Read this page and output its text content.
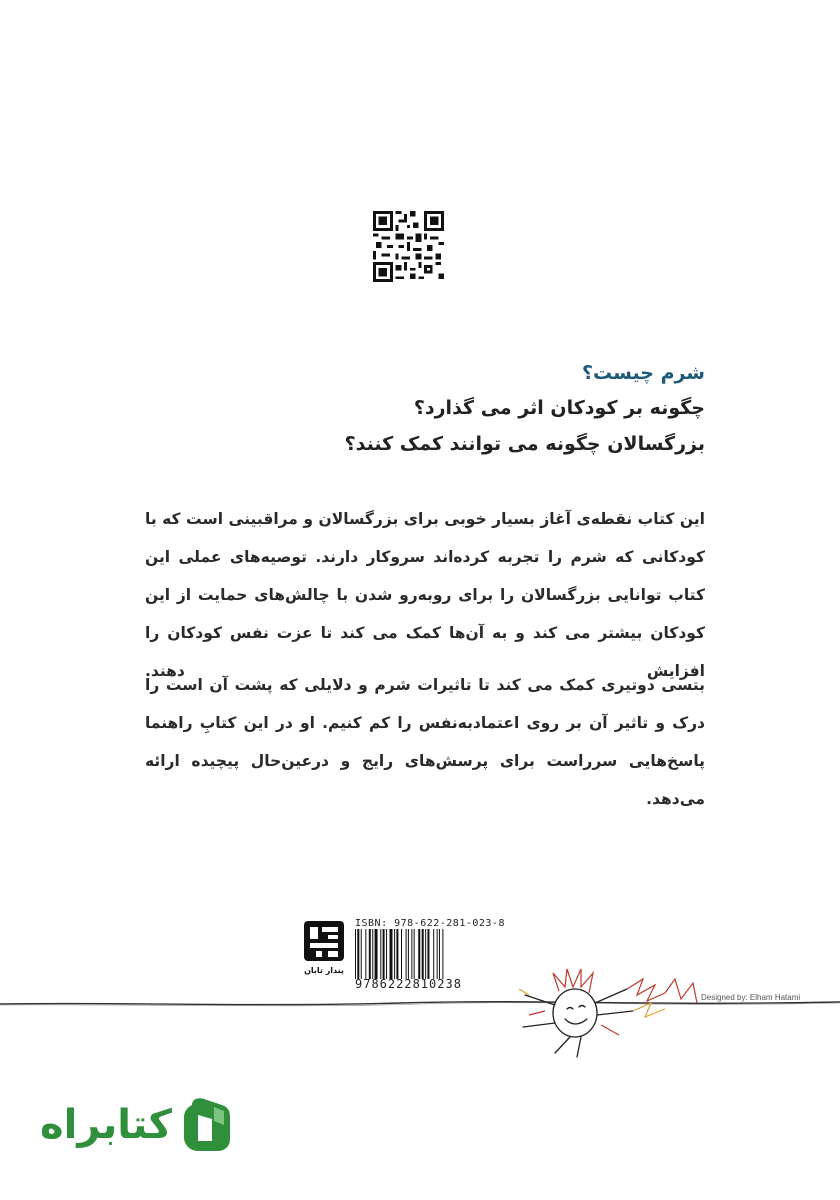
شرم چیست؟
چگونه بر کودکان اثر می گذارد؟
بزرگسالان چگونه می توانند کمک کنند؟
این کتاب نقطه‌ی آغاز بسیار خوبی برای بزرگسالان و مراقبینی است که با کودکانی که شرم را تجربه کرده‌اند سروکار دارند. توصیه‌های عملی این کتاب توانایی بزرگسالان را برای روبه‌رو شدن با چالش‌های حمایت از این کودکان بیشتر می کند و به آن‌ها کمک می کند تا عزت نفس کودکان را افزایش دهند.
بتسی دوتیری کمک می کند تا تاثیرات شرم و دلایلی که پشت آن است را درک و تاثیر آن بر روی اعتمادبه‌نفس را کم کنیم. او در این کتابِ راهنما پاسخ‌هایی سرراست برای پرسش‌های رایج و درعین‌حال پیچیده ارائه می‌دهد.
پندار تابان
ISBN: 978-622-281-023-8
9786222810238
Designed by: Elham Hatami
کتابراه
